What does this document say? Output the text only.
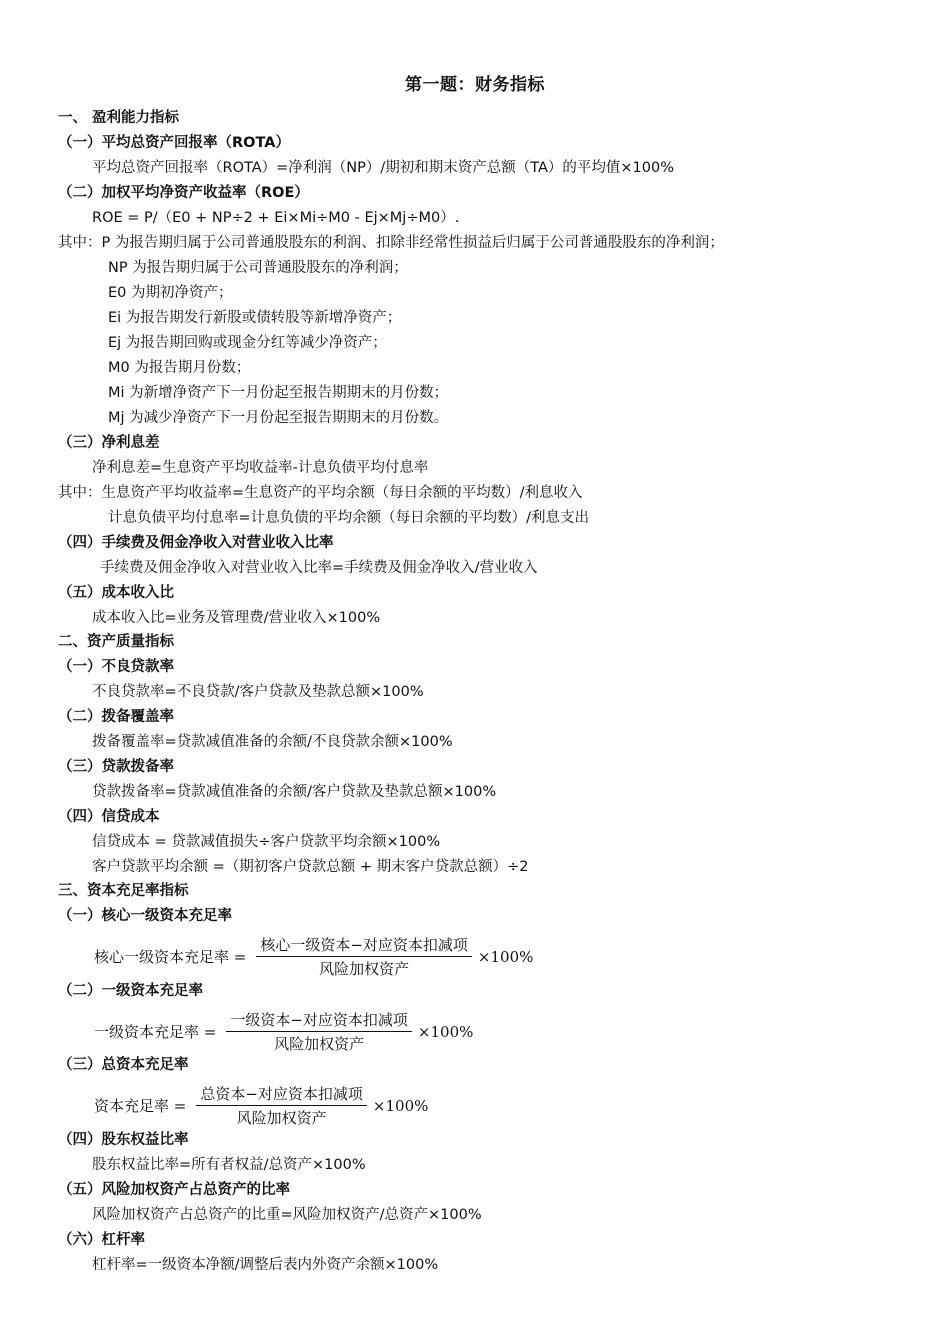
第一题：财务指标
一、 盈利能力指标
（一）平均总资产回报率（ROTA）
平均总资产回报率（ROTA）=净利润（NP）/期初和期末资产总额（TA）的平均值×100%
（二）加权平均净资产收益率（ROE）
ROE = P/（E0 + NP÷2 + Ei×Mi÷M0 - Ej×Mj÷M0）.
其中：P 为报告期归属于公司普通股股东的利润、扣除非经常性损益后归属于公司普通股股东的净利润；
NP 为报告期归属于公司普通股股东的净利润；
E0 为期初净资产；
Ei 为报告期发行新股或债转股等新增净资产；
Ej 为报告期回购或现金分红等减少净资产；
M0 为报告期月份数；
Mi 为新增净资产下一月份起至报告期期末的月份数；
Mj 为减少净资产下一月份起至报告期期末的月份数。
（三）净利息差
净利息差=生息资产平均收益率-计息负债平均付息率
其中：生息资产平均收益率=生息资产的平均余额（每日余额的平均数）/利息收入
计息负债平均付息率=计息负债的平均余额（每日余额的平均数）/利息支出
（四）手续费及佣金净收入对营业收入比率
手续费及佣金净收入对营业收入比率=手续费及佣金净收入/营业收入
（五）成本收入比
成本收入比=业务及管理费/营业收入×100%
二、资产质量指标
（一）不良贷款率
不良贷款率=不良贷款/客户贷款及垫款总额×100%
（二）拨备覆盖率
拨备覆盖率=贷款减值准备的余额/不良贷款余额×100%
（三）贷款拨备率
贷款拨备率=贷款减值准备的余额/客户贷款及垫款总额×100%
（四）信贷成本
信贷成本 = 贷款减值损失÷客户贷款平均余额×100%
客户贷款平均余额 =（期初客户贷款总额 + 期末客户贷款总额）÷2
三、资本充足率指标
（一）核心一级资本充足率
核心一级资本充足率 = $\frac{\text{核心一级资本−对应资本扣减项}}{\text{风险加权资产}} \times 100\%$
（二）一级资本充足率
一级资本充足率 = $\frac{\text{一级资本−对应资本扣减项}}{\text{风险加权资产}} \times 100\%$
（三）总资本充足率
资本充足率 = $\frac{\text{总资本−对应资本扣减项}}{\text{风险加权资产}} \times 100\%$
（四）股东权益比率
股东权益比率=所有者权益/总资产×100%
（五）风险加权资产占总资产的比率
风险加权资产占总资产的比重=风险加权资产/总资产×100%
（六）杠杆率
杠杆率=一级资本净额/调整后表内外资产余额×100%
